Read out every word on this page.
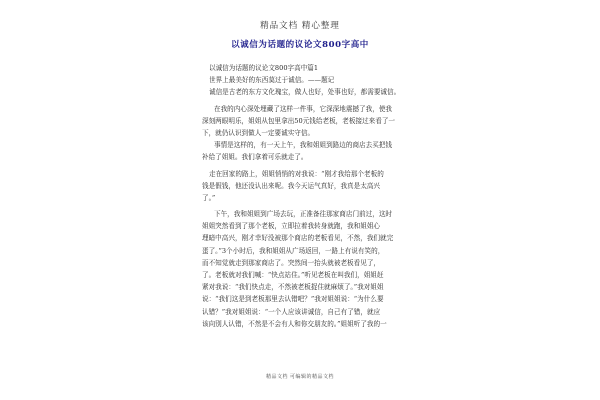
精品文档 精心整理
以诚信为话题的议论文800字高中
以诚信为话题的议论文800字高中篇1
世界上最美好的东西莫过于诚信。——题记
诚信是古老的东方文化瑰宝，做人也好，处事也好，都需要诚信。
在我的内心深处埋藏了这样一件事，它深深地震撼了我，使我
深刻两眼明乐，姐姐从包里拿出50元钱给老板，老板接过来看了一
下，就仍认识到做人一定要诚实守信。
事情是这样的，有一天上午，我和姐姐到路边的商店去买把钱
补给了姐姐。我们拿着可乐就走了。
走在回家的路上，姐姐悄悄的对我说：“刚才我给那个老板的
钱是假钱，他还没认出来呢。我今天运气真好，我真是太高兴
了。”
下午，我和姐姐到广场去玩，正准备往那家商店门前过，这时
姐姐突然看到了那个老板，立即拉着我转身就跑，我和姐姐心
理暗中高兴，刚才幸好没被那个商店的老板看见，不然，我们就完
蛋了。”3个小时后，我和姐姐从广场返回，一路上有说有笑的，
而不知觉就走到那家商店了。突然间一抬头就被老板看见了，
了。老板就对我们喊：“快点站住。”听见老板在叫我们，姐姐赶
紧对我说：“我们快点走，不然被老板捉住就麻烦了。”我对姐姐
说：“我们这是到老板那里去认错吧？”我对姐姐说：“为什么要
认错？”我对姐姐说：“一个人应该讲诚信，自己有了错，就应
该向别人认错，不然是不会有人和你交朋友的。”姐姐听了我的一
精品文档 可编辑的精品文档
